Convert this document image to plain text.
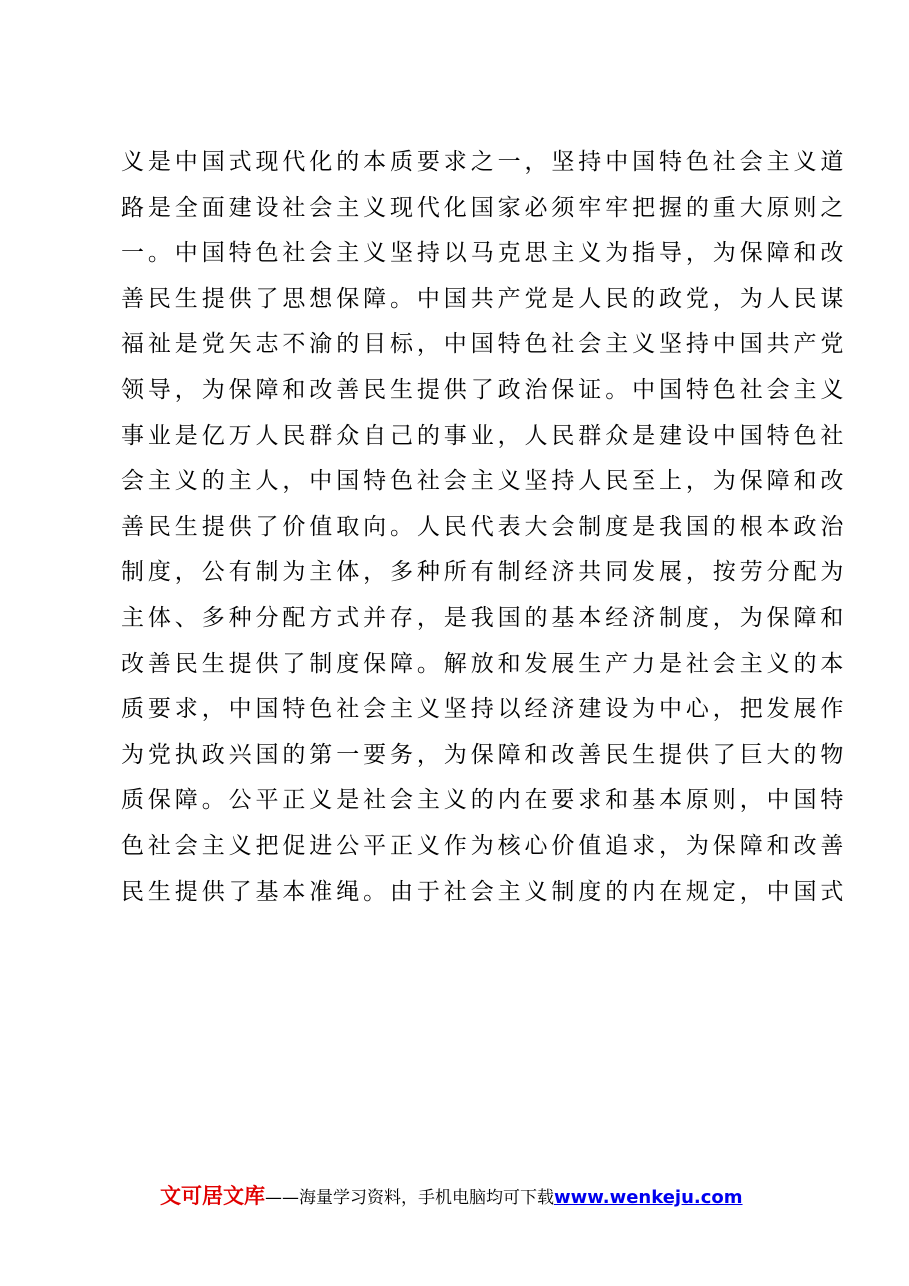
义是中国式现代化的本质要求之一，坚持中国特色社会主义道
路是全面建设社会主义现代化国家必须牢牢把握的重大原则之
一。中国特色社会主义坚持以马克思主义为指导，为保障和改
善民生提供了思想保障。中国共产党是人民的政党，为人民谋
福祉是党矢志不渝的目标，中国特色社会主义坚持中国共产党
领导，为保障和改善民生提供了政治保证。中国特色社会主义
事业是亿万人民群众自己的事业，人民群众是建设中国特色社
会主义的主人，中国特色社会主义坚持人民至上，为保障和改
善民生提供了价值取向。人民代表大会制度是我国的根本政治
制度，公有制为主体，多种所有制经济共同发展，按劳分配为
主体、多种分配方式并存，是我国的基本经济制度，为保障和
改善民生提供了制度保障。解放和发展生产力是社会主义的本
质要求，中国特色社会主义坚持以经济建设为中心，把发展作
为党执政兴国的第一要务，为保障和改善民生提供了巨大的物
质保障。公平正义是社会主义的内在要求和基本原则，中国特
色社会主义把促进公平正义作为核心价值追求，为保障和改善
民生提供了基本准绳。由于社会主义制度的内在规定，中国式
文可居文库——海量学习资料，手机电脑均可下载www.wenkeju.com
